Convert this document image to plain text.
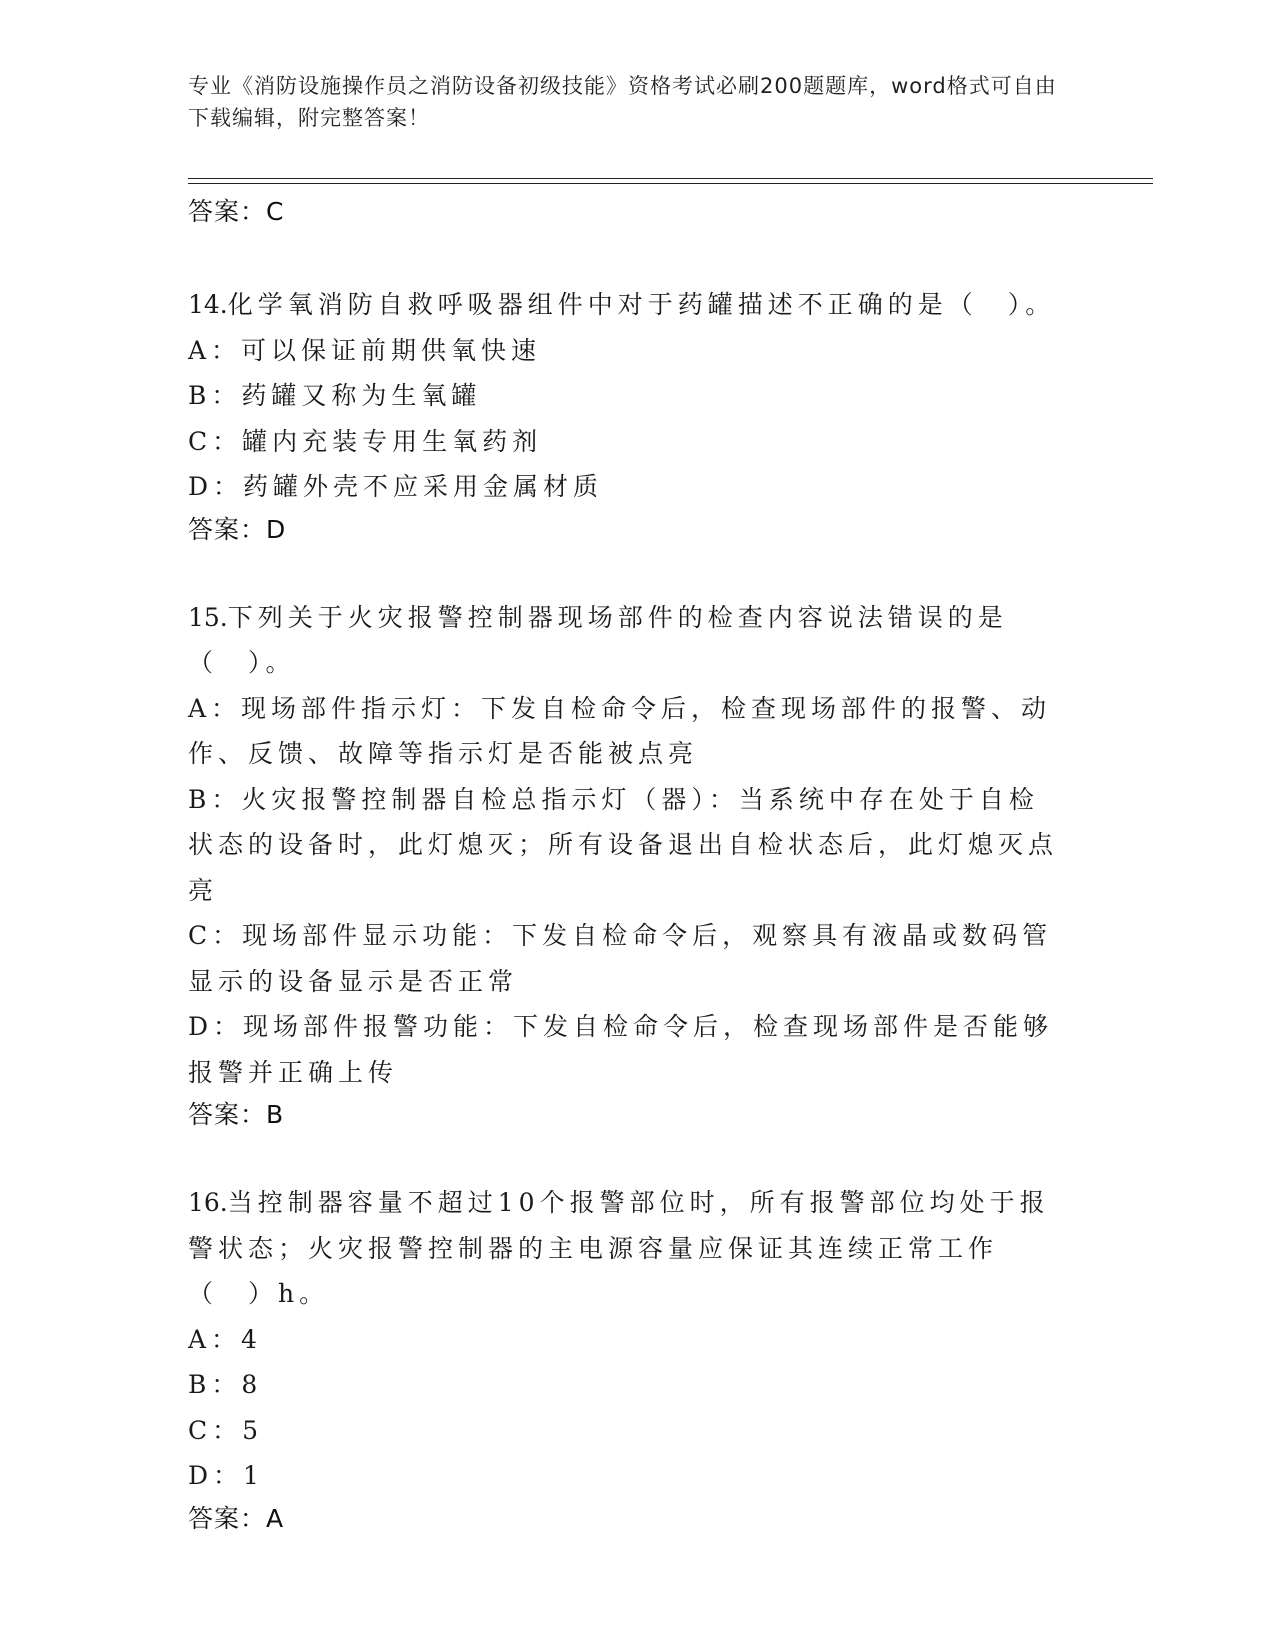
专业《消防设施操作员之消防设备初级技能》资格考试必刷200题题库，word格式可自由下载编辑，附完整答案！

答案：C

14.化学氧消防自救呼吸器组件中对于药罐描述不正确的是（　）。

A：可以保证前期供氧快速

B：药罐又称为生氧罐

C：罐内充装专用生氧药剂

D：药罐外壳不应采用金属材质

答案：D

15.下列关于火灾报警控制器现场部件的检查内容说法错误的是（　）。

A：现场部件指示灯：下发自检命令后，检查现场部件的报警、动作、反馈、故障等指示灯是否能被点亮

B：火灾报警控制器自检总指示灯（器）：当系统中存在处于自检状态的设备时，此灯熄灭；所有设备退出自检状态后，此灯熄灭点亮

C：现场部件显示功能：下发自检命令后，观察具有液晶或数码管显示的设备显示是否正常

D：现场部件报警功能：下发自检命令后，检查现场部件是否能够报警并正确上传

答案：B

16.当控制器容量不超过10个报警部位时，所有报警部位均处于报警状态；火灾报警控制器的主电源容量应保证其连续正常工作（　）h。

A：4

B：8

C：5

D：1

答案：A
